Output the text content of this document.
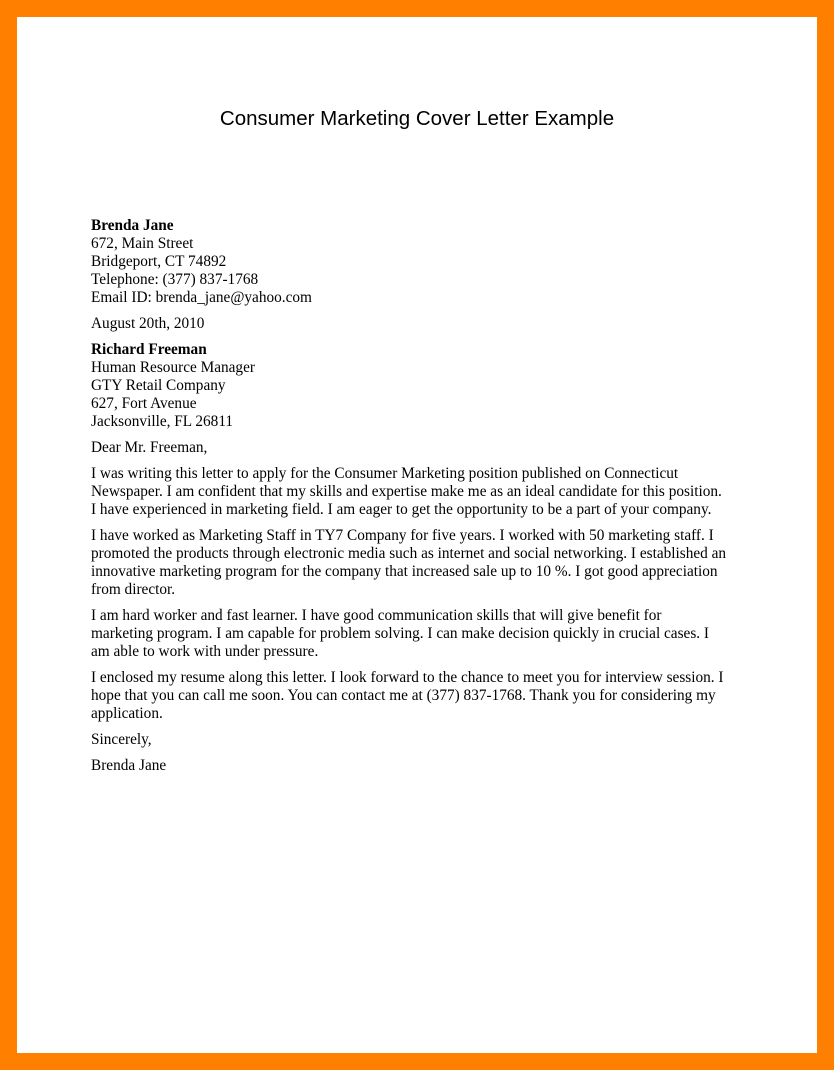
Consumer Marketing Cover Letter Example
Brenda Jane
672, Main Street
Bridgeport, CT 74892
Telephone: (377) 837-1768
Email ID: brenda_jane@yahoo.com
August 20th, 2010
Richard Freeman
Human Resource Manager
GTY Retail Company
627, Fort Avenue
Jacksonville, FL 26811
Dear Mr. Freeman,
I was writing this letter to apply for the Consumer Marketing position published on Connecticut
Newspaper. I am confident that my skills and expertise make me as an ideal candidate for this position.
I have experienced in marketing field. I am eager to get the opportunity to be a part of your company.
I have worked as Marketing Staff in TY7 Company for five years. I worked with 50 marketing staff. I
promoted the products through electronic media such as internet and social networking. I established an
innovative marketing program for the company that increased sale up to 10 %. I got good appreciation
from director.
I am hard worker and fast learner. I have good communication skills that will give benefit for
marketing program. I am capable for problem solving. I can make decision quickly in crucial cases. I
am able to work with under pressure.
I enclosed my resume along this letter. I look forward to the chance to meet you for interview session. I
hope that you can call me soon. You can contact me at (377) 837-1768. Thank you for considering my
application.
Sincerely,
Brenda Jane
